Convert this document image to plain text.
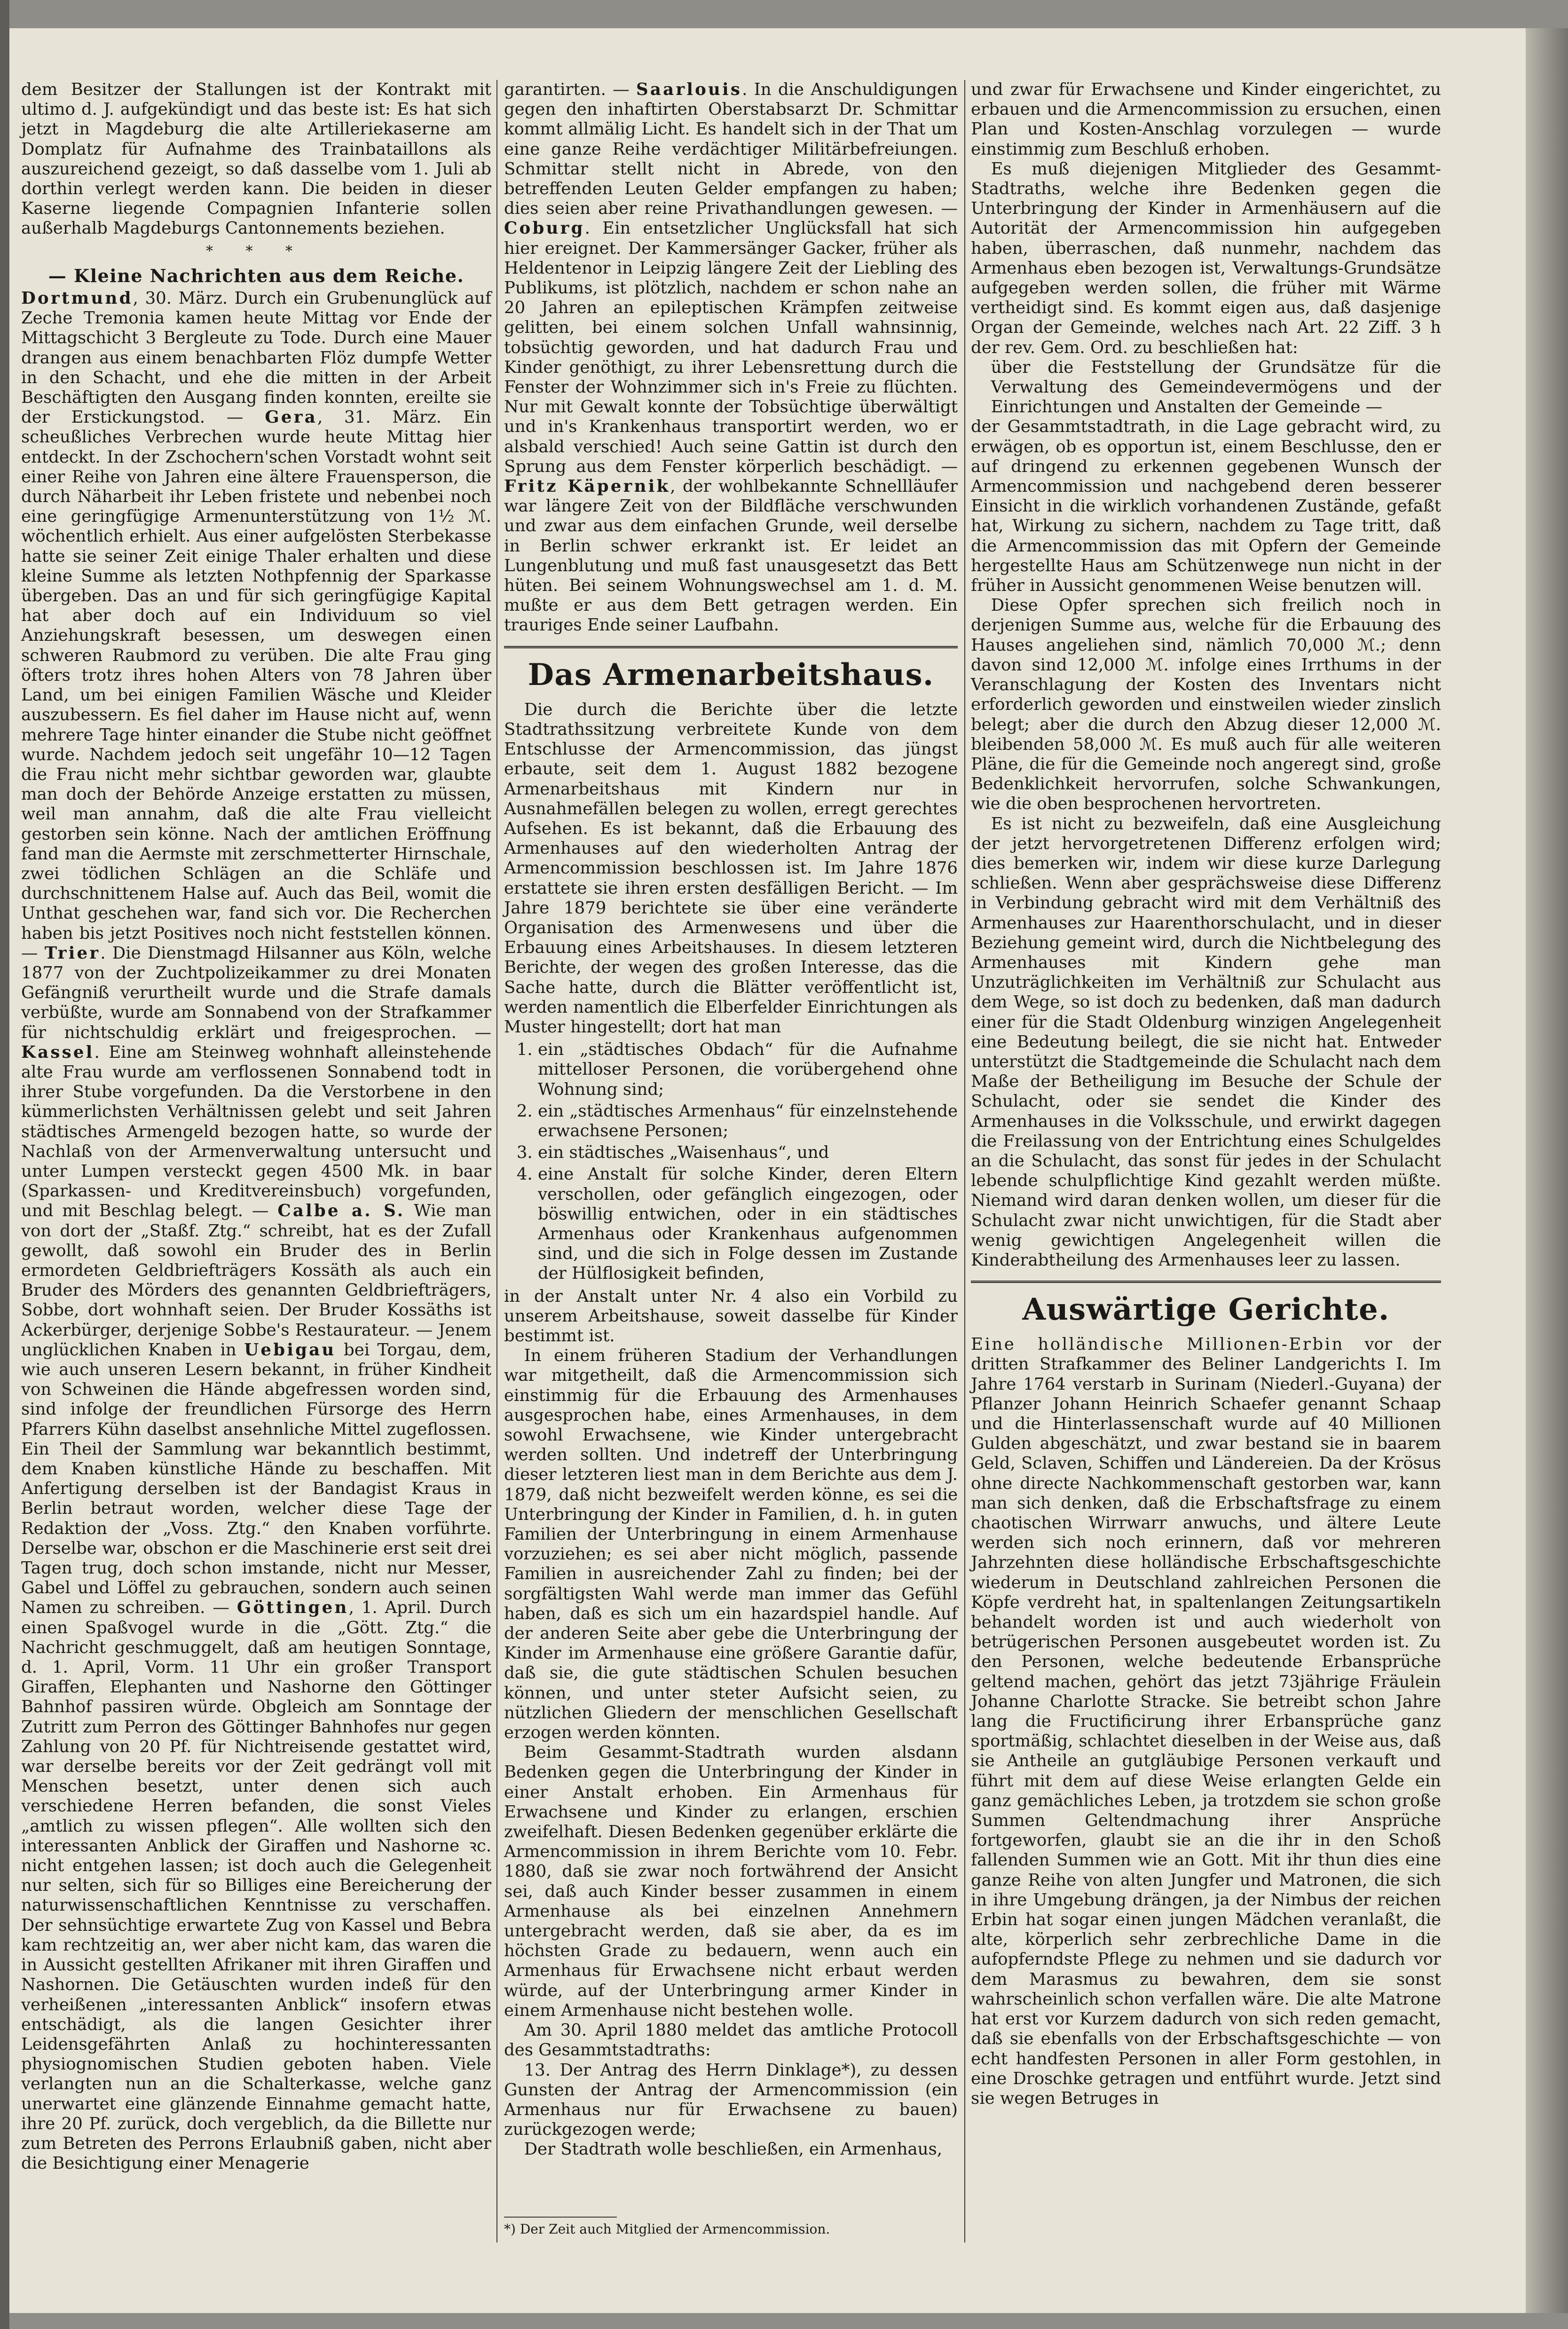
dem Besitzer der Stallungen ist der Kontrakt mit ultimo d. J. aufgekündigt und das beste ist: Es hat sich jetzt in Magdeburg die alte Artilleriekaserne am Domplatz für Aufnahme des Trainbataillons als auszureichend gezeigt, so daß dasselbe vom 1. Juli ab dorthin verlegt werden kann. Die beiden in dieser Kaserne liegende Compagnien Infanterie sollen außerhalb Magdeburgs Cantonnements beziehen.

* * *

— Kleine Nachrichten aus dem Reiche.

Dortmund, 30. März. Durch ein Grubenunglück auf Zeche Tremonia kamen heute Mittag vor Ende der Mittagschicht 3 Bergleute zu Tode. Durch eine Mauer drangen aus einem benachbarten Flöz dumpfe Wetter in den Schacht, und ehe die mitten in der Arbeit Beschäftigten den Ausgang finden konnten, ereilte sie der Erstickungstod. — Gera, 31. März. Ein scheußliches Verbrechen wurde heute Mittag hier entdeckt. In der Zschochern'schen Vorstadt wohnt seit einer Reihe von Jahren eine ältere Frauensperson, die durch Näharbeit ihr Leben fristete und nebenbei noch eine geringfügige Armenunterstützung von 1½ ℳ. wöchentlich erhielt. Aus einer aufgelösten Sterbekasse hatte sie seiner Zeit einige Thaler erhalten und diese kleine Summe als letzten Nothpfennig der Sparkasse übergeben. Das an und für sich geringfügige Kapital hat aber doch auf ein Individuum so viel Anziehungskraft besessen, um deswegen einen schweren Raubmord zu verüben. Die alte Frau ging öfters trotz ihres hohen Alters von 78 Jahren über Land, um bei einigen Familien Wäsche und Kleider auszubessern. Es fiel daher im Hause nicht auf, wenn mehrere Tage hinter einander die Stube nicht geöffnet wurde. Nachdem jedoch seit ungefähr 10—12 Tagen die Frau nicht mehr sichtbar geworden war, glaubte man doch der Behörde Anzeige erstatten zu müssen, weil man annahm, daß die alte Frau vielleicht gestorben sein könne. Nach der amtlichen Eröffnung fand man die Aermste mit zerschmetterter Hirnschale, zwei tödlichen Schlägen an die Schläfe und durchschnittenem Halse auf. Auch das Beil, womit die Unthat geschehen war, fand sich vor. Die Recherchen haben bis jetzt Positives noch nicht feststellen können. — Trier. Die Dienstmagd Hilsanner aus Köln, welche 1877 von der Zuchtpolizeikammer zu drei Monaten Gefängniß verurtheilt wurde und die Strafe damals verbüßte, wurde am Sonnabend von der Strafkammer für nichtschuldig erklärt und freigesprochen. — Kassel. Eine am Steinweg wohnhaft alleinstehende alte Frau wurde am verflossenen Sonnabend todt in ihrer Stube vorgefunden. Da die Verstorbene in den kümmerlichsten Verhältnissen gelebt und seit Jahren städtisches Armengeld bezogen hatte, so wurde der Nachlaß von der Armenverwaltung untersucht und unter Lumpen versteckt gegen 4500 Mk. in baar (Sparkassen- und Kreditvereinsbuch) vorgefunden, und mit Beschlag belegt. — Calbe a. S. Wie man von dort der „Staßf. Ztg.“ schreibt, hat es der Zufall gewollt, daß sowohl ein Bruder des in Berlin ermordeten Geldbriefträgers Kossäth als auch ein Bruder des Mörders des genannten Geldbriefträgers, Sobbe, dort wohnhaft seien. Der Bruder Kossäths ist Ackerbürger, derjenige Sobbe's Restaurateur. — Jenem unglücklichen Knaben in Uebigau bei Torgau, dem, wie auch unseren Lesern bekannt, in früher Kindheit von Schweinen die Hände abgefressen worden sind, sind infolge der freundlichen Fürsorge des Herrn Pfarrers Kühn daselbst ansehnliche Mittel zugeflossen. Ein Theil der Sammlung war bekanntlich bestimmt, dem Knaben künstliche Hände zu beschaffen. Mit Anfertigung derselben ist der Bandagist Kraus in Berlin betraut worden, welcher diese Tage der Redaktion der „Voss. Ztg.“ den Knaben vorführte. Derselbe war, obschon er die Maschinerie erst seit drei Tagen trug, doch schon imstande, nicht nur Messer, Gabel und Löffel zu gebrauchen, sondern auch seinen Namen zu schreiben. — Göttingen, 1. April. Durch einen Spaßvogel wurde in die „Gött. Ztg.“ die Nachricht geschmuggelt, daß am heutigen Sonntage, d. 1. April, Vorm. 11 Uhr ein großer Transport Giraffen, Elephanten und Nashorne den Göttinger Bahnhof passiren würde. Obgleich am Sonntage der Zutritt zum Perron des Göttinger Bahnhofes nur gegen Zahlung von 20 Pf. für Nichtreisende gestattet wird, war derselbe bereits vor der Zeit gedrängt voll mit Menschen besetzt, unter denen sich auch verschiedene Herren befanden, die sonst Vieles „amtlich zu wissen pflegen“. Alle wollten sich den interessanten Anblick der Giraffen und Nashorne ꝛc. nicht entgehen lassen; ist doch auch die Gelegenheit nur selten, sich für so Billiges eine Bereicherung der naturwissenschaftlichen Kenntnisse zu verschaffen. Der sehnsüchtige erwartete Zug von Kassel und Bebra kam rechtzeitig an, wer aber nicht kam, das waren die in Aussicht gestellten Afrikaner mit ihren Giraffen und Nashornen. Die Getäuschten wurden indeß für den verheißenen „interessanten Anblick“ insofern etwas entschädigt, als die langen Gesichter ihrer Leidensgefährten Anlaß zu hochinteressanten physiognomischen Studien geboten haben. Viele verlangten nun an die Schalterkasse, welche ganz unerwartet eine glänzende Einnahme gemacht hatte, ihre 20 Pf. zurück, doch vergeblich, da die Billette nur zum Betreten des Perrons Erlaubniß gaben, nicht aber die Besichtigung einer Menagerie

garantirten. — Saarlouis. In die Anschuldigungen gegen den inhaftirten Oberstabsarzt Dr. Schmittar kommt allmälig Licht. Es handelt sich in der That um eine ganze Reihe verdächtiger Militärbefreiungen. Schmittar stellt nicht in Abrede, von den betreffenden Leuten Gelder empfangen zu haben; dies seien aber reine Privathandlungen gewesen. — Coburg. Ein entsetzlicher Unglücksfall hat sich hier ereignet. Der Kammersänger Gacker, früher als Heldentenor in Leipzig längere Zeit der Liebling des Publikums, ist plötzlich, nachdem er schon nahe an 20 Jahren an epileptischen Krämpfen zeitweise gelitten, bei einem solchen Unfall wahnsinnig, tobsüchtig geworden, und hat dadurch Frau und Kinder genöthigt, zu ihrer Lebensrettung durch die Fenster der Wohnzimmer sich in's Freie zu flüchten. Nur mit Gewalt konnte der Tobsüchtige überwältigt und in's Krankenhaus transportirt werden, wo er alsbald verschied! Auch seine Gattin ist durch den Sprung aus dem Fenster körperlich beschädigt. — Fritz Käpernik, der wohlbekannte Schnellläufer war längere Zeit von der Bildfläche verschwunden und zwar aus dem einfachen Grunde, weil derselbe in Berlin schwer erkrankt ist. Er leidet an Lungenblutung und muß fast unausgesetzt das Bett hüten. Bei seinem Wohnungswechsel am 1. d. M. mußte er aus dem Bett getragen werden. Ein trauriges Ende seiner Laufbahn.

Das Armenarbeitshaus.

Die durch die Berichte über die letzte Stadtrathssitzung verbreitete Kunde von dem Entschlusse der Armencommission, das jüngst erbaute, seit dem 1. August 1882 bezogene Armenarbeitshaus mit Kindern nur in Ausnahmefällen belegen zu wollen, erregt gerechtes Aufsehen. Es ist bekannt, daß die Erbauung des Armenhauses auf den wiederholten Antrag der Armencommission beschlossen ist. Im Jahre 1876 erstattete sie ihren ersten desfälligen Bericht. — Im Jahre 1879 berichtete sie über eine veränderte Organisation des Armenwesens und über die Erbauung eines Arbeitshauses. In diesem letzteren Berichte, der wegen des großen Interesse, das die Sache hatte, durch die Blätter veröffentlicht ist, werden namentlich die Elberfelder Einrichtungen als Muster hingestellt; dort hat man

1. ein „städtisches Obdach“ für die Aufnahme mittelloser Personen, die vorübergehend ohne Wohnung sind;
2. ein „städtisches Armenhaus“ für einzelnstehende erwachsene Personen;
3. ein städtisches „Waisenhaus“, und
4. eine Anstalt für solche Kinder, deren Eltern verschollen, oder gefänglich eingezogen, oder böswillig entwichen, oder in ein städtisches Armenhaus oder Krankenhaus aufgenommen sind, und die sich in Folge dessen im Zustande der Hülflosigkeit befinden,

in der Anstalt unter Nr. 4 also ein Vorbild zu unserem Arbeitshause, soweit dasselbe für Kinder bestimmt ist.

In einem früheren Stadium der Verhandlungen war mitgetheilt, daß die Armencommission sich einstimmig für die Erbauung des Armenhauses ausgesprochen habe, eines Armenhauses, in dem sowohl Erwachsene, wie Kinder untergebracht werden sollten. Und indetreff der Unterbringung dieser letzteren liest man in dem Berichte aus dem J. 1879, daß nicht bezweifelt werden könne, es sei die Unterbringung der Kinder in Familien, d. h. in guten Familien der Unterbringung in einem Armenhause vorzuziehen; es sei aber nicht möglich, passende Familien in ausreichender Zahl zu finden; bei der sorgfältigsten Wahl werde man immer das Gefühl haben, daß es sich um ein hazardspiel handle. Auf der anderen Seite aber gebe die Unterbringung der Kinder im Armenhause eine größere Garantie dafür, daß sie, die gute städtischen Schulen besuchen können, und unter steter Aufsicht seien, zu nützlichen Gliedern der menschlichen Gesellschaft erzogen werden könnten.

Beim Gesammt-Stadtrath wurden alsdann Bedenken gegen die Unterbringung der Kinder in einer Anstalt erhoben. Ein Armenhaus für Erwachsene und Kinder zu erlangen, erschien zweifelhaft. Diesen Bedenken gegenüber erklärte die Armencommission in ihrem Berichte vom 10. Febr. 1880, daß sie zwar noch fortwährend der Ansicht sei, daß auch Kinder besser zusammen in einem Armenhause als bei einzelnen Annehmern untergebracht werden, daß sie aber, da es im höchsten Grade zu bedauern, wenn auch ein Armenhaus für Erwachsene nicht erbaut werden würde, auf der Unterbringung armer Kinder in einem Armenhause nicht bestehen wolle.

Am 30. April 1880 meldet das amtliche Protocoll des Gesammtstadtraths:

13. Der Antrag des Herrn Dinklage*), zu dessen Gunsten der Antrag der Armencommission (ein Armenhaus nur für Erwachsene zu bauen) zurückgezogen werde;

Der Stadtrath wolle beschließen, ein Armenhaus,

*) Der Zeit auch Mitglied der Armencommission.

und zwar für Erwachsene und Kinder eingerichtet, zu erbauen und die Armencommission zu ersuchen, einen Plan und Kosten-Anschlag vorzulegen — wurde einstimmig zum Beschluß erhoben.

Es muß diejenigen Mitglieder des Gesammt-Stadtraths, welche ihre Bedenken gegen die Unterbringung der Kinder in Armenhäusern auf die Autorität der Armencommission hin aufgegeben haben, überraschen, daß nunmehr, nachdem das Armenhaus eben bezogen ist, Verwaltungs-Grundsätze aufgegeben werden sollen, die früher mit Wärme vertheidigt sind. Es kommt eigen aus, daß dasjenige Organ der Gemeinde, welches nach Art. 22 Ziff. 3 h der rev. Gem. Ord. zu beschließen hat:

über die Feststellung der Grundsätze für die Verwaltung des Gemeindevermögens und der Einrichtungen und Anstalten der Gemeinde —

der Gesammtstadtrath, in die Lage gebracht wird, zu erwägen, ob es opportun ist, einem Beschlusse, den er auf dringend zu erkennen gegebenen Wunsch der Armencommission und nachgebend deren besserer Einsicht in die wirklich vorhandenen Zustände, gefaßt hat, Wirkung zu sichern, nachdem zu Tage tritt, daß die Armencommission das mit Opfern der Gemeinde hergestellte Haus am Schützenwege nun nicht in der früher in Aussicht genommenen Weise benutzen will.

Diese Opfer sprechen sich freilich noch in derjenigen Summe aus, welche für die Erbauung des Hauses angeliehen sind, nämlich 70,000 ℳ.; denn davon sind 12,000 ℳ. infolge eines Irrthums in der Veranschlagung der Kosten des Inventars nicht erforderlich geworden und einstweilen wieder zinslich belegt; aber die durch den Abzug dieser 12,000 ℳ. bleibenden 58,000 ℳ. Es muß auch für alle weiteren Pläne, die für die Gemeinde noch angeregt sind, große Bedenklichkeit hervorrufen, solche Schwankungen, wie die oben besprochenen hervortreten.

Es ist nicht zu bezweifeln, daß eine Ausgleichung der jetzt hervorgetretenen Differenz erfolgen wird; dies bemerken wir, indem wir diese kurze Darlegung schließen. Wenn aber gesprächsweise diese Differenz in Verbindung gebracht wird mit dem Verhältniß des Armenhauses zur Haarenthorschulacht, und in dieser Beziehung gemeint wird, durch die Nichtbelegung des Armenhauses mit Kindern gehe man Unzuträglichkeiten im Verhältniß zur Schulacht aus dem Wege, so ist doch zu bedenken, daß man dadurch einer für die Stadt Oldenburg winzigen Angelegenheit eine Bedeutung beilegt, die sie nicht hat. Entweder unterstützt die Stadtgemeinde die Schulacht nach dem Maße der Betheiligung im Besuche der Schule der Schulacht, oder sie sendet die Kinder des Armenhauses in die Volksschule, und erwirkt dagegen die Freilassung von der Entrichtung eines Schulgeldes an die Schulacht, das sonst für jedes in der Schulacht lebende schulpflichtige Kind gezahlt werden müßte. Niemand wird daran denken wollen, um dieser für die Schulacht zwar nicht unwichtigen, für die Stadt aber wenig gewichtigen Angelegenheit willen die Kinderabtheilung des Armenhauses leer zu lassen.

Auswärtige Gerichte.

Eine holländische Millionen-Erbin vor der dritten Strafkammer des Beliner Landgerichts I. Im Jahre 1764 verstarb in Surinam (Niederl.-Guyana) der Pflanzer Johann Heinrich Schaefer genannt Schaap und die Hinterlassenschaft wurde auf 40 Millionen Gulden abgeschätzt, und zwar bestand sie in baarem Geld, Sclaven, Schiffen und Ländereien. Da der Krösus ohne directe Nachkommenschaft gestorben war, kann man sich denken, daß die Erbschaftsfrage zu einem chaotischen Wirrwarr anwuchs, und ältere Leute werden sich noch erinnern, daß vor mehreren Jahrzehnten diese holländische Erbschaftsgeschichte wiederum in Deutschland zahlreichen Personen die Köpfe verdreht hat, in spaltenlangen Zeitungsartikeln behandelt worden ist und auch wiederholt von betrügerischen Personen ausgebeutet worden ist. Zu den Personen, welche bedeutende Erbansprüche geltend machen, gehört das jetzt 73jährige Fräulein Johanne Charlotte Stracke. Sie betreibt schon Jahre lang die Fructificirung ihrer Erbansprüche ganz sportmäßig, schlachtet dieselben in der Weise aus, daß sie Antheile an gutgläubige Personen verkauft und führt mit dem auf diese Weise erlangten Gelde ein ganz gemächliches Leben, ja trotzdem sie schon große Summen Geltendmachung ihrer Ansprüche fortgeworfen, glaubt sie an die ihr in den Schoß fallenden Summen wie an Gott. Mit ihr thun dies eine ganze Reihe von alten Jungfer und Matronen, die sich in ihre Umgebung drängen, ja der Nimbus der reichen Erbin hat sogar einen jungen Mädchen veranlaßt, die alte, körperlich sehr zerbrechliche Dame in die aufopferndste Pflege zu nehmen und sie dadurch vor dem Marasmus zu bewahren, dem sie sonst wahrscheinlich schon verfallen wäre. Die alte Matrone hat erst vor Kurzem dadurch von sich reden gemacht, daß sie ebenfalls von der Erbschaftsgeschichte — von echt handfesten Personen in aller Form gestohlen, in eine Droschke getragen und entführt wurde. Jetzt sind sie wegen Betruges in
